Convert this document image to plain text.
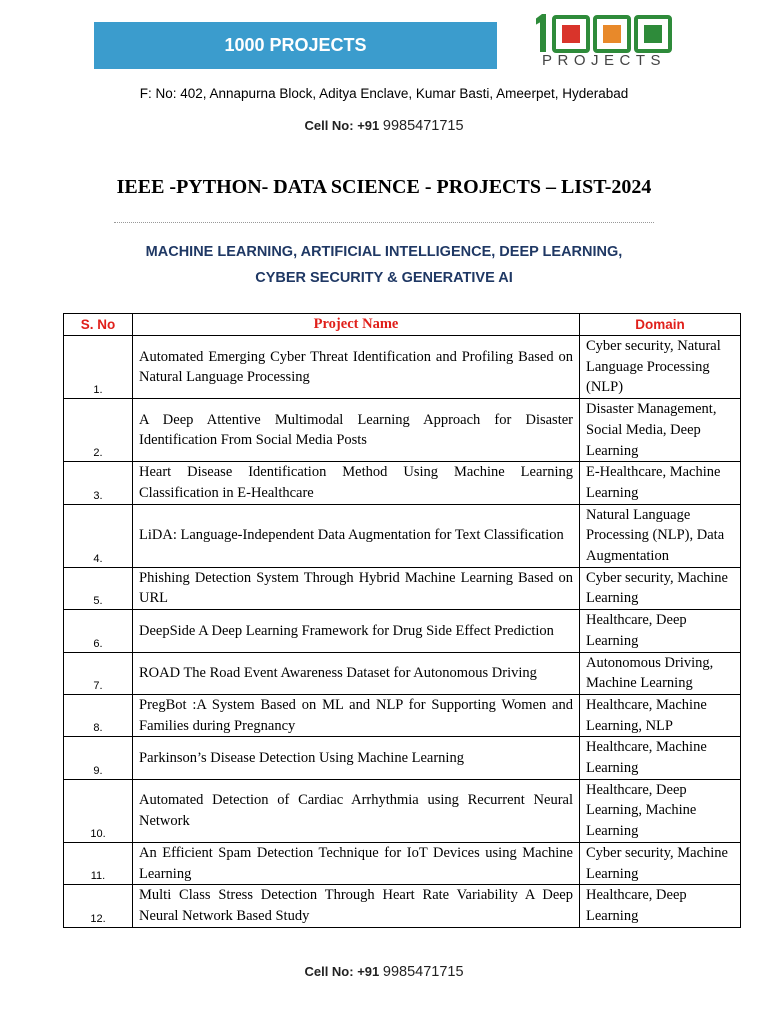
1000 PROJECTS
PROJECTS
F: No: 402, Annapurna Block, Aditya Enclave, Kumar Basti, Ameerpet, Hyderabad
Cell No: +91 9985471715
IEEE -PYTHON- DATA SCIENCE - PROJECTS – LIST-2024
MACHINE LEARNING, ARTIFICIAL INTELLIGENCE, DEEP LEARNING,
CYBER SECURITY & GENERATIVE AI
S. No	Project Name	Domain
1.	Automated Emerging Cyber Threat Identification and Profiling Based on Natural Language Processing	Cyber security, Natural Language Processing (NLP)
2.	A Deep Attentive Multimodal Learning Approach for Disaster Identification From Social Media Posts	Disaster Management, Social Media, Deep Learning
3.	Heart Disease Identification Method Using Machine Learning Classification in E-Healthcare	E-Healthcare, Machine Learning
4.	LiDA: Language-Independent Data Augmentation for Text Classification	Natural Language Processing (NLP), Data Augmentation
5.	Phishing Detection System Through Hybrid Machine Learning Based on URL	Cyber security, Machine Learning
6.	DeepSide A Deep Learning Framework for Drug Side Effect Prediction	Healthcare, Deep Learning
7.	ROAD The Road Event Awareness Dataset for Autonomous Driving	Autonomous Driving, Machine Learning
8.	PregBot :A System Based on ML and NLP for Supporting Women and Families during Pregnancy	Healthcare, Machine Learning, NLP
9.	Parkinson’s Disease Detection Using Machine Learning	Healthcare, Machine Learning
10.	Automated Detection of Cardiac Arrhythmia using Recurrent Neural Network	Healthcare, Deep Learning, Machine Learning
11.	An Efficient Spam Detection Technique for IoT Devices using Machine Learning	Cyber security, Machine Learning
12.	Multi Class Stress Detection Through Heart Rate Variability A Deep Neural Network Based Study	Healthcare, Deep Learning
Cell No: +91 9985471715
